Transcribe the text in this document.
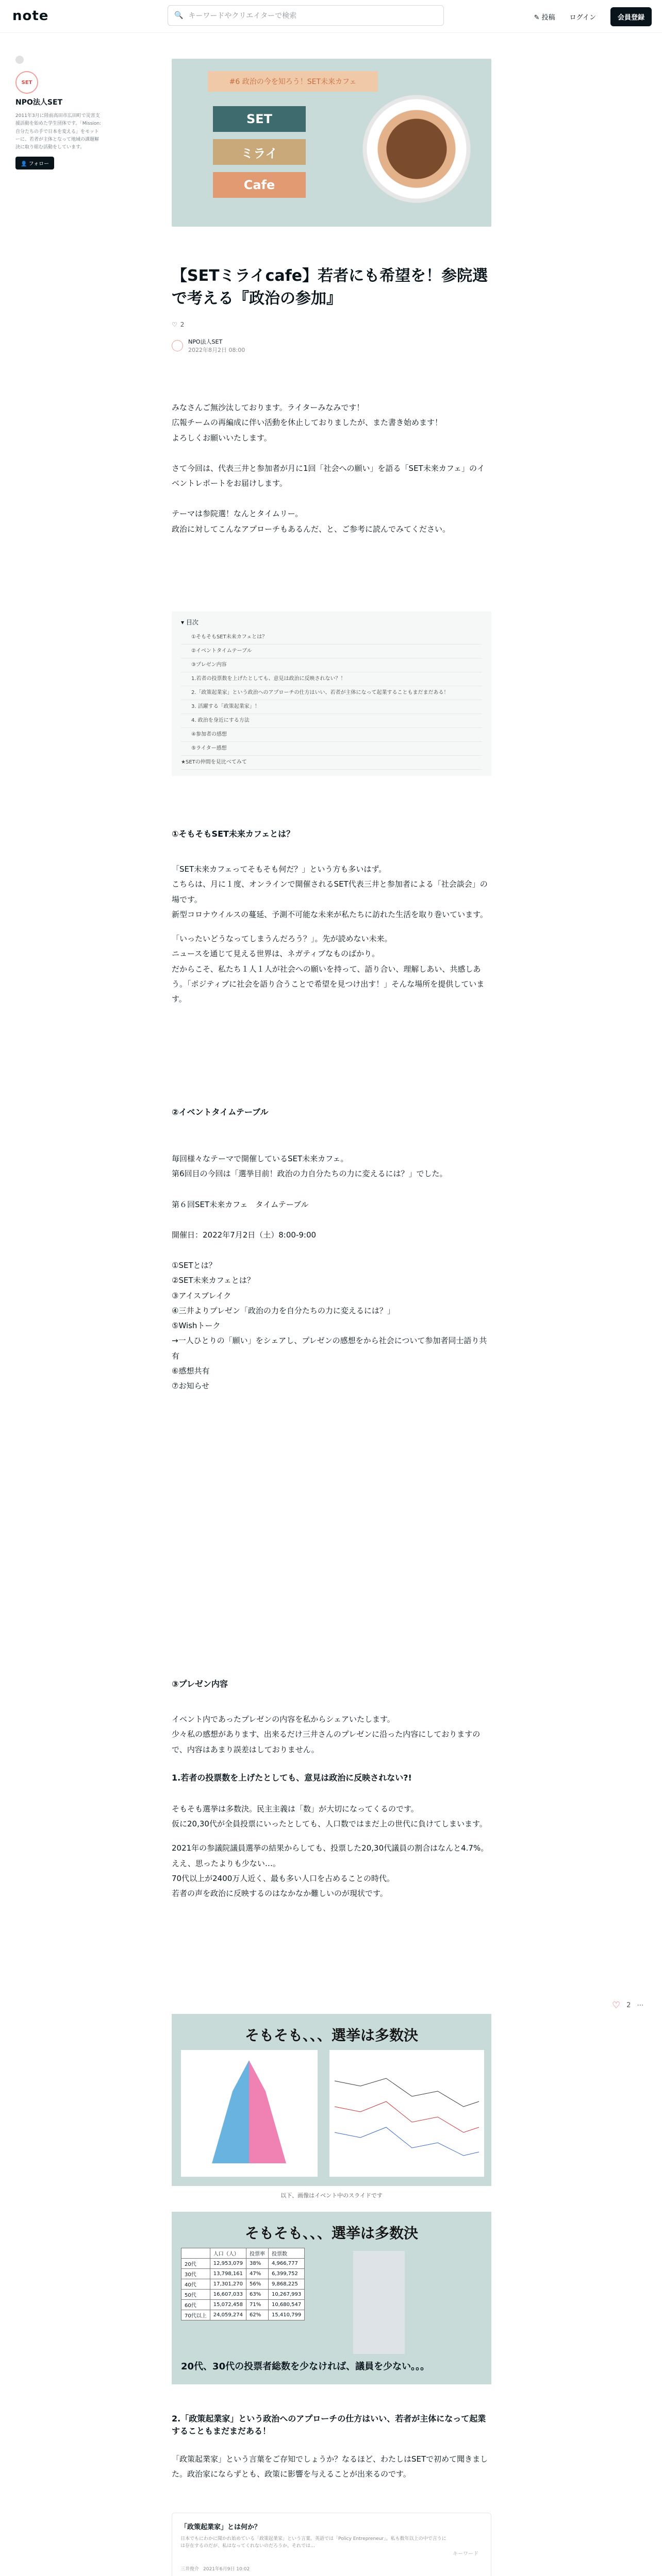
note	🔍 キーワードやクリエイターで検索	✎ 投稿 ログイン	会員登録
SET
NPO法人SET
2011年3月に陸前高田市広田町で災害支援活動を始めた学生団体です。「Mission:自分たちの手で日本を変える」をモットーに、若者が主体となって地域の課題解決に取り組む活動をしています。
👤 フォロー
#6 政治の今を知ろう！SET未来カフェ
SET
ミライ
Cafe
【SETミライcafe】若者にも希望を！参院選で考える『政治の参加』
♡ 2
NPO法人SET
2022年8月2日 08:00

みなさんご無沙汰しております。ライターみなみです！

広報チームの再編成に伴い活動を休止しておりましたが、また書き始めます！

よろしくお願いいたします。

さて今回は、代表三井と参加者が月に1回「社会への願い」を語る「SET未来カフェ」のイベントレポートをお届けします。

テーマは参院選！なんとタイムリー。

政治に対してこんなアプローチもあるんだ、と、ご参考に読んでみてください。

▾ 目次
①そもそもSET未来カフェとは？
②イベントタイムテーブル
③プレゼン内容
1.若者の投票数を上げたとしても、意見は政治に反映されない？！
2.「政策起業家」という政治へのアプローチの仕方はいい、若者が主体になって起業することもまだまだある！
3. 活躍する「政策起業家」！
4. 政治を身近にする方法
④参加者の感想
⑤ライター感想
★SETの仲間を見比べてみて
①そもそもSET未来カフェとは？

「SET未来カフェってそもそも何だ？」という方も多いはず。

こちらは、月に１度、オンラインで開催されるSET代表三井と参加者による「社会談会」の場です。

新型コロナウイルスの蔓延、予測不可能な未来が私たちに訪れた生活を取り巻いています。

「いったいどうなってしまうんだろう？」。先が読めない未来。

ニュースを通じて見える世界は、ネガティブなものばかり。

だからこそ、私たち１人１人が社会への願いを持って、語り合い、理解しあい、共感しあう。「ポジティブに社会を語り合うことで希望を見つけ出す！」そんな場所を提供しています。

②イベントタイムテーブル

毎回様々なテーマで開催しているSET未来カフェ。

第6回目の今回は「選挙目前！政治の力自分たちの力に変えるには？」でした。

第６回SET未来カフェ　タイムテーブル

開催日：2022年7月2日（土）8:00-9:00

①SETとは？

②SET未来カフェとは？

③アイスブレイク

④三井よりプレゼン「政治の力を自分たちの力に変えるには？」

⑤Wishトーク

→一人ひとりの「願い」をシェアし、プレゼンの感想をから社会について参加者同士語り共有

⑥感想共有

⑦お知らせ

③プレゼン内容

イベント内であったプレゼンの内容を私からシェアいたします。

少々私の感想があります、出来るだけ三井さんのプレゼンに沿った内容にしておりますので、内容はあまり誤差はしておりません。

1.若者の投票数を上げたとしても、意見は政治に反映されない?!

そもそも選挙は多数決。民主主義は「数」が大切になってくるのです。

仮に20,30代が全員投票にいったとしても、人口数ではまだ上の世代に負けてしまいます。

2021年の参議院議員選挙の結果からしても、投票した20,30代議員の割合はなんと4.7%。

ええ、思ったよりも少ない…。

70代以上が2400万人近く、最も多い人口を占めることの時代。

若者の声を政治に反映するのはなかなか難しいのが現状です。

そもそも、、、選挙は多数決
以下、画像はイベント中のスライドです
そもそも、、、選挙は多数決
	人口（人）	投票率	投票数
20代	12,953,079	38%	4,966,777
30代	13,798,161	47%	6,399,752
40代	17,301,270	56%	9,868,225
50代	16,607,033	63%	10,267,993
60代	15,072,458	71%	10,680,547
70代以上	24,059,274	62%	15,410,799
20代、30代の投票者総数を少なければ、議員を少ない。。。
2.「政策起業家」という政治へのアプローチの仕方はいい、若者が主体になって起業することもまだまだある！

「政策起業家」という言葉をご存知でしょうか？なるほど、わたしはSETで初めて聞きました。政治家にならずとも、政策に影響を与えることが出来るのです。

「政策起業家」とは何か？
日本でもにわかに聞かれ始めている「政策起業家」という言葉。英語では「Policy Entrepreneur」。私も数年以上の中で言うには存在するのだが、私はなってくれないのだろうか。それでは…
キーワード
三井俊介 2021年6月9日 10:02

♡ 2 ⋯
